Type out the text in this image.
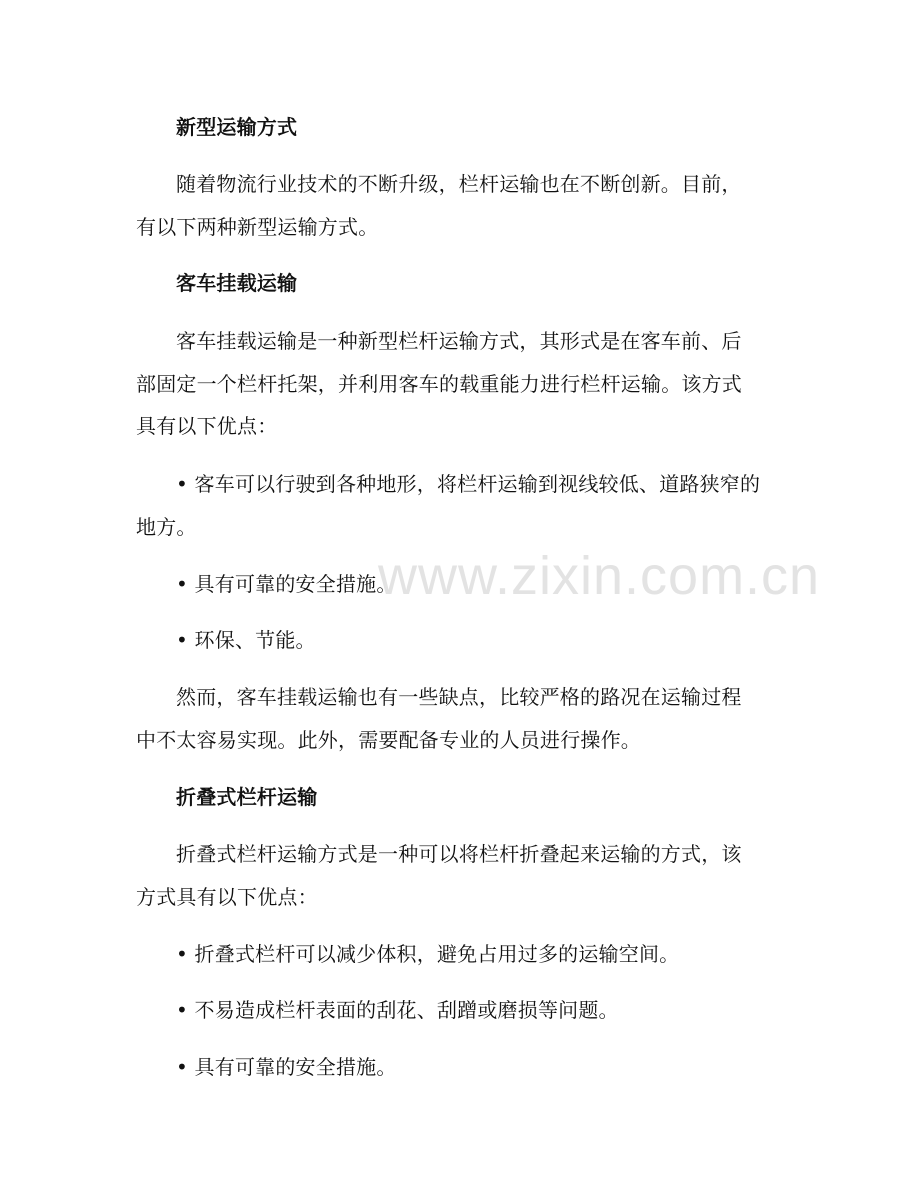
www.zixin.com.cn
新型运输方式
随着物流行业技术的不断升级，栏杆运输也在不断创新。目前，
有以下两种新型运输方式。
客车挂载运输
客车挂载运输是一种新型栏杆运输方式，其形式是在客车前、后
部固定一个栏杆托架，并利用客车的载重能力进行栏杆运输。该方式
具有以下优点：
• 客车可以行驶到各种地形，将栏杆运输到视线较低、道路狭窄的
地方。
• 具有可靠的安全措施。
• 环保、节能。
然而，客车挂载运输也有一些缺点，比较严格的路况在运输过程
中不太容易实现。此外，需要配备专业的人员进行操作。
折叠式栏杆运输
折叠式栏杆运输方式是一种可以将栏杆折叠起来运输的方式，该
方式具有以下优点：
• 折叠式栏杆可以减少体积，避免占用过多的运输空间。
• 不易造成栏杆表面的刮花、刮蹭或磨损等问题。
• 具有可靠的安全措施。
